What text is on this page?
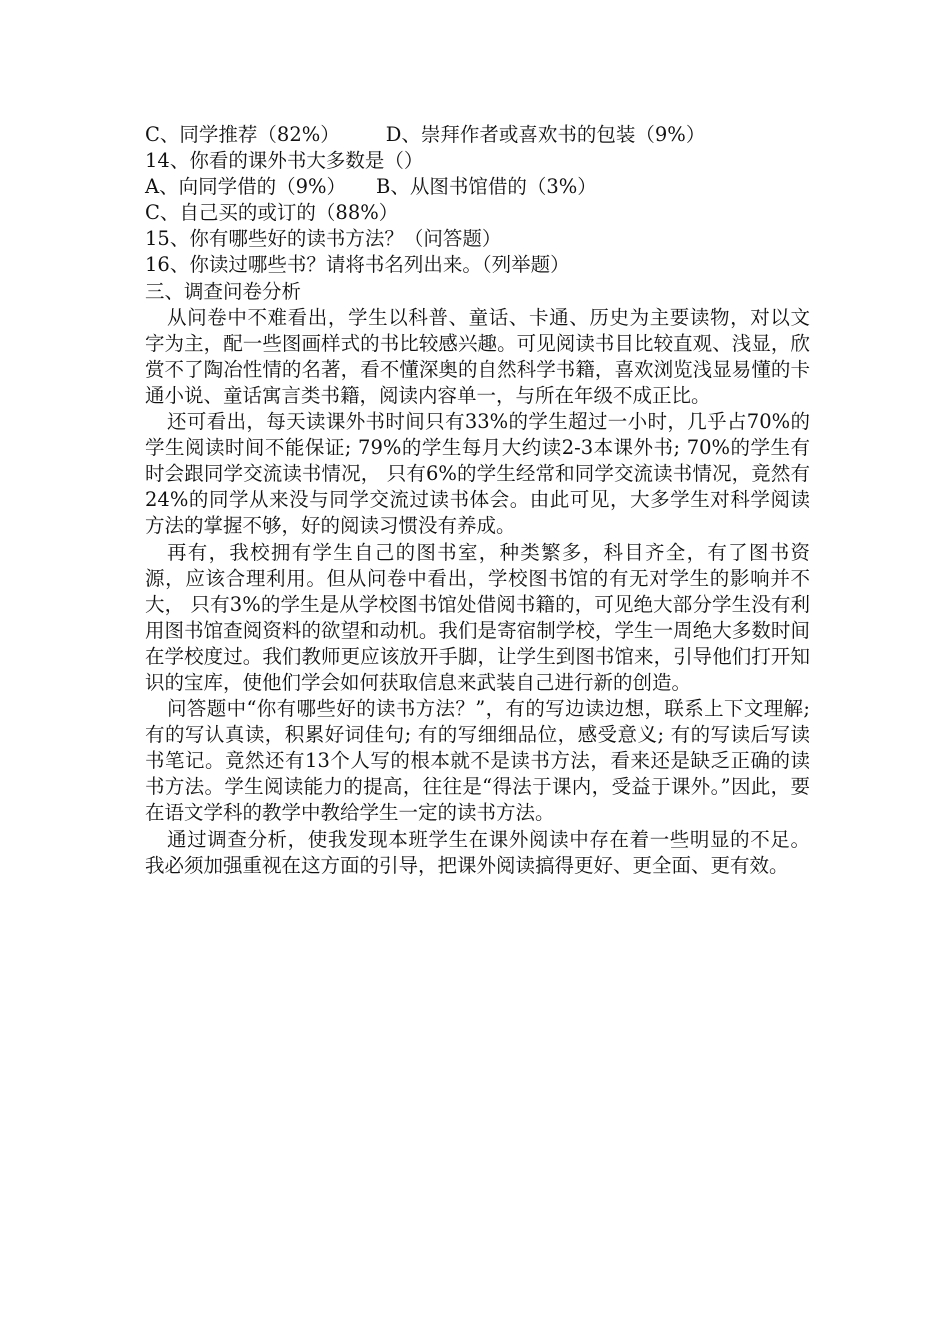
C、同学推荐（82%） D、崇拜作者或喜欢书的包装（9%）

14、你看的课外书大多数是（）

A、向同学借的（9%） B、从图书馆借的（3%）

C、自己买的或订的（88%）

15、你有哪些好的读书方法？（问答题）

16、你读过哪些书？请将书名列出来。（列举题）

三、调查问卷分析

从问卷中不难看出，学生以科普、童话、卡通、历史为主要读物，对以文字为主，配一些图画样式的书比较感兴趣。可见阅读书目比较直观、浅显，欣赏不了陶冶性情的名著，看不懂深奥的自然科学书籍，喜欢浏览浅显易懂的卡通小说、童话寓言类书籍，阅读内容单一，与所在年级不成正比。

还可看出，每天读课外书时间只有33%的学生超过一小时，几乎占70%的学生阅读时间不能保证; 79%的学生每月大约读2-3本课外书; 70%的学生有时会跟同学交流读书情况， 只有6%的学生经常和同学交流读书情况，竟然有24%的同学从来没与同学交流过读书体会。由此可见，大多学生对科学阅读方法的掌握不够，好的阅读习惯没有养成。

再有，我校拥有学生自己的图书室，种类繁多，科目齐全，有了图书资源，应该合理利用。但从问卷中看出，学校图书馆的有无对学生的影响并不大， 只有3%的学生是从学校图书馆处借阅书籍的，可见绝大部分学生没有利用图书馆查阅资料的欲望和动机。我们是寄宿制学校，学生一周绝大多数时间在学校度过。我们教师更应该放开手脚，让学生到图书馆来，引导他们打开知识的宝库，使他们学会如何获取信息来武装自己进行新的创造。

问答题中“你有哪些好的读书方法？”，有的写边读边想，联系上下文理解; 有的写认真读，积累好词佳句; 有的写细细品位，感受意义; 有的写读后写读书笔记。竟然还有13个人写的根本就不是读书方法，看来还是缺乏正确的读书方法。学生阅读能力的提高，往往是“得法于课内，受益于课外。”因此，要在语文学科的教学中教给学生一定的读书方法。

通过调查分析，使我发现本班学生在课外阅读中存在着一些明显的不足。我必须加强重视在这方面的引导，把课外阅读搞得更好、更全面、更有效。
